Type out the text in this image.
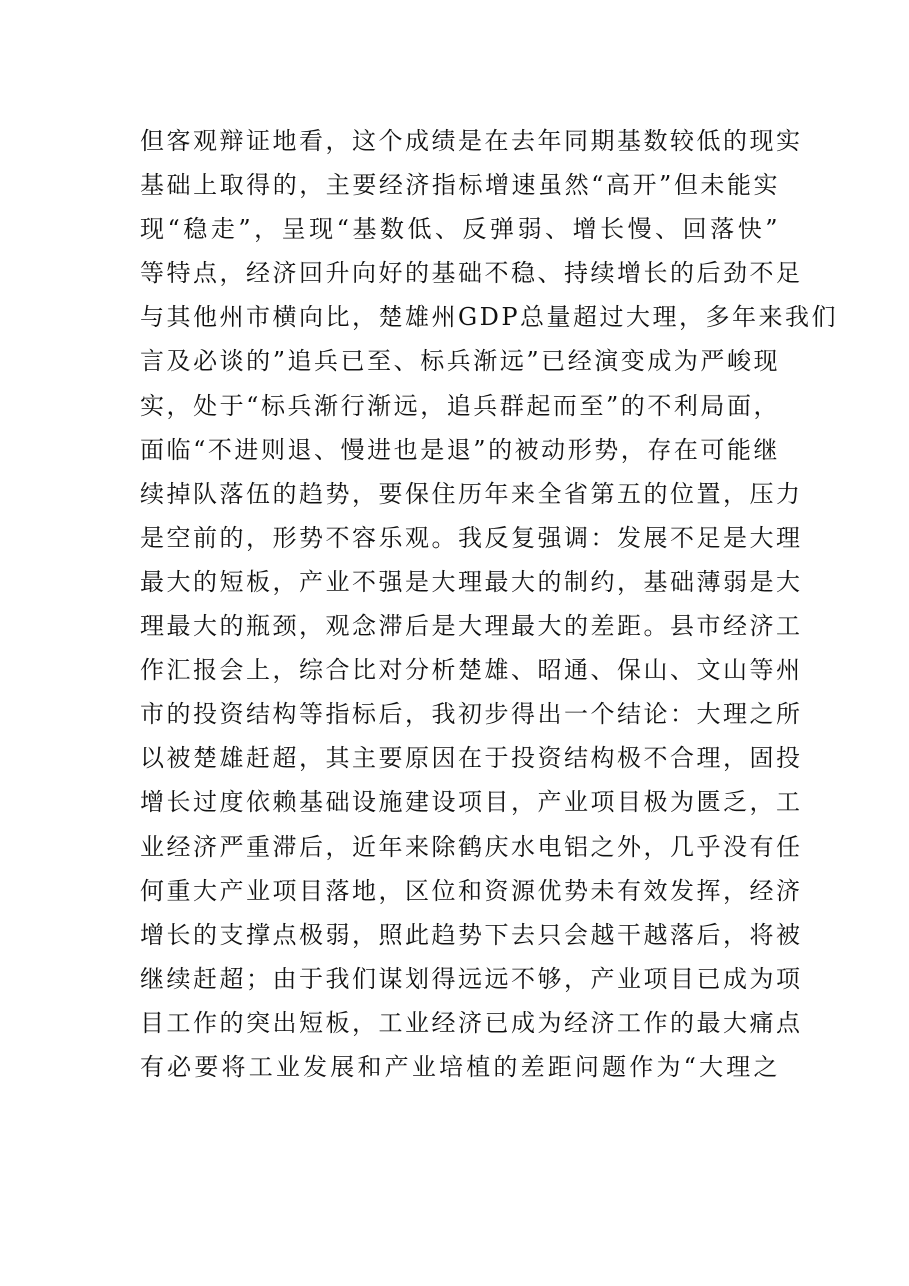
但客观辩证地看，这个成绩是在去年同期基数较低的现实
基础上取得的，主要经济指标增速虽然“高开”但未能实
现“稳走”，呈现“基数低、反弹弱、增长慢、回落快”
等特点，经济回升向好的基础不稳、持续增长的后劲不足
与其他州市横向比，楚雄州GDP总量超过大理，多年来我们
言及必谈的”追兵已至、标兵渐远”已经演变成为严峻现
实，处于“标兵渐行渐远，追兵群起而至”的不利局面，
面临“不进则退、慢进也是退”的被动形势，存在可能继
续掉队落伍的趋势，要保住历年来全省第五的位置，压力
是空前的，形势不容乐观。我反复强调：发展不足是大理
最大的短板，产业不强是大理最大的制约，基础薄弱是大
理最大的瓶颈，观念滞后是大理最大的差距。县市经济工
作汇报会上，综合比对分析楚雄、昭通、保山、文山等州
市的投资结构等指标后，我初步得出一个结论：大理之所
以被楚雄赶超，其主要原因在于投资结构极不合理，固投
增长过度依赖基础设施建设项目，产业项目极为匮乏，工
业经济严重滞后，近年来除鹤庆水电铝之外，几乎没有任
何重大产业项目落地，区位和资源优势未有效发挥，经济
增长的支撑点极弱，照此趋势下去只会越干越落后，将被
继续赶超；由于我们谋划得远远不够，产业项目已成为项
目工作的突出短板，工业经济已成为经济工作的最大痛点
有必要将工业发展和产业培植的差距问题作为“大理之
